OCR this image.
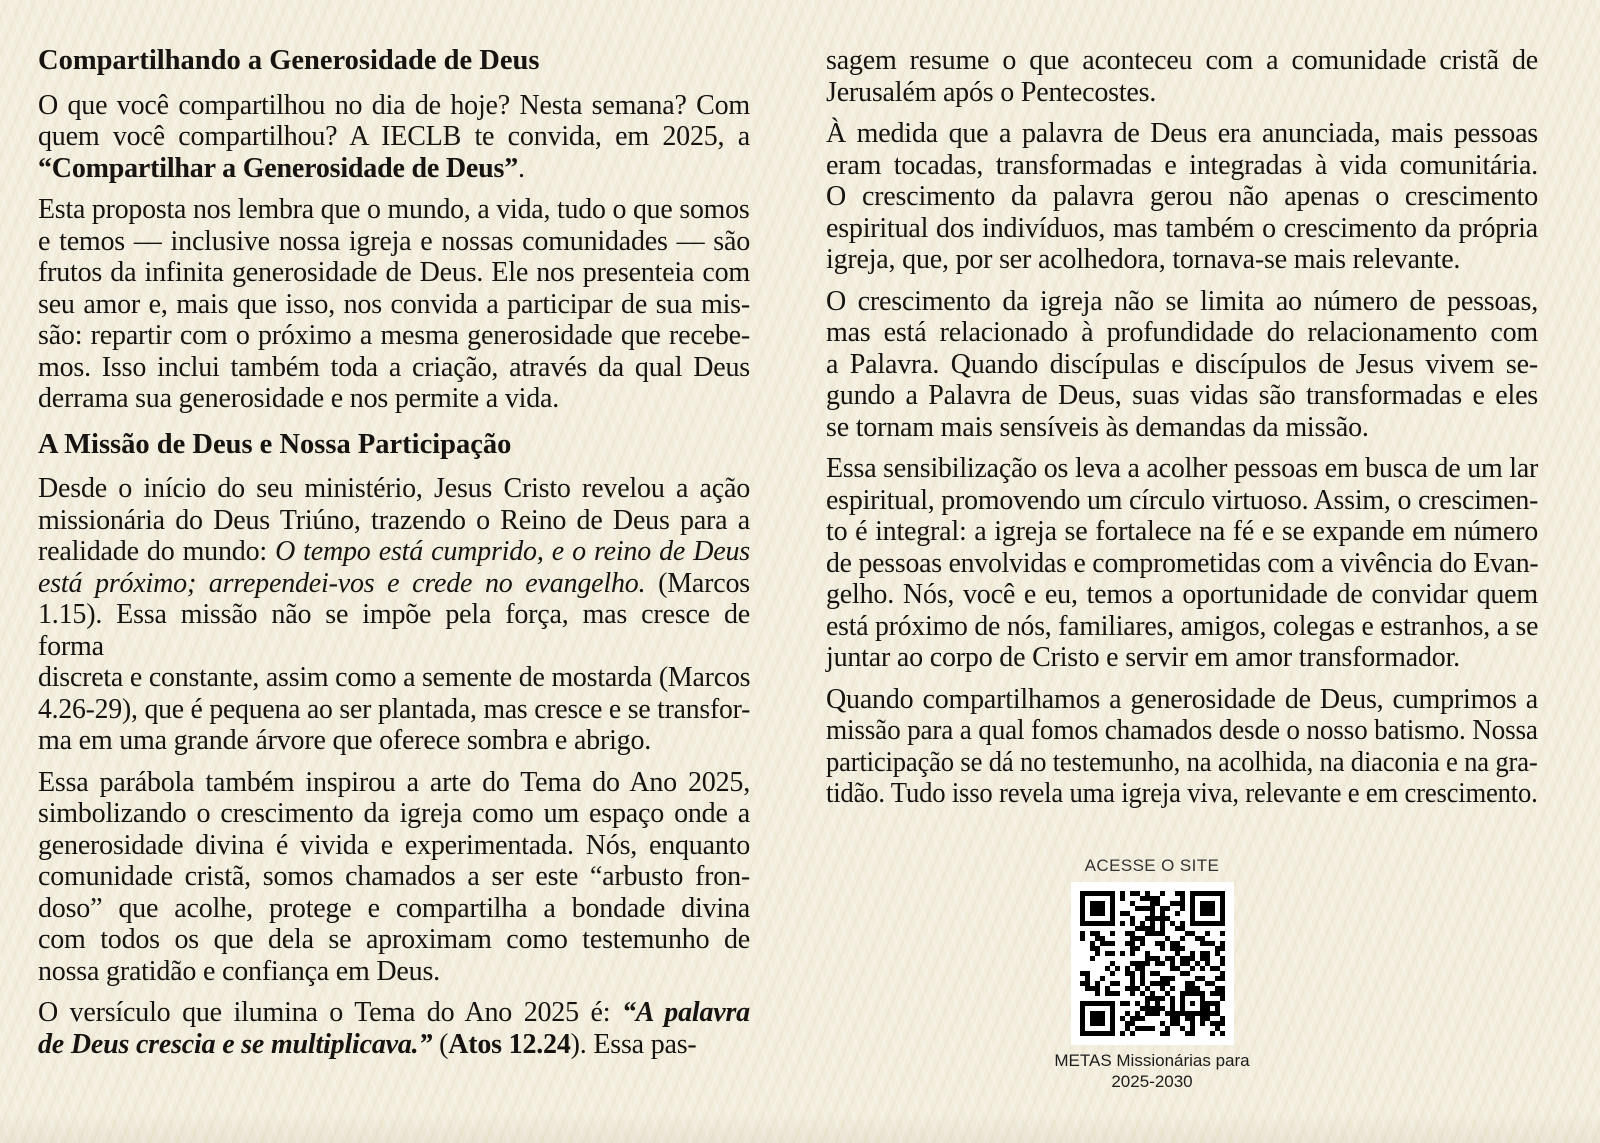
Compartilhando a Generosidade de Deus
O que você compartilhou no dia de hoje? Nesta semana? Com
quem você compartilhou? A IECLB te convida, em 2025, a
“Compartilhar a Generosidade de Deus”.
Esta proposta nos lembra que o mundo, a vida, tudo o que somos
e temos — inclusive nossa igreja e nossas comunidades — são
frutos da infinita generosidade de Deus. Ele nos presenteia com
seu amor e, mais que isso, nos convida a participar de sua mis-
são: repartir com o próximo a mesma generosidade que recebe-
mos. Isso inclui também toda a criação, através da qual Deus
derrama sua generosidade e nos permite a vida.
A Missão de Deus e Nossa Participação
Desde o início do seu ministério, Jesus Cristo revelou a ação
missionária do Deus Triúno, trazendo o Reino de Deus para a
realidade do mundo: O tempo está cumprido, e o reino de Deus
está próximo; arrependei-vos e crede no evangelho. (Marcos
1.15). Essa missão não se impõe pela força, mas cresce de forma
discreta e constante, assim como a semente de mostarda (Marcos
4.26-29), que é pequena ao ser plantada, mas cresce e se transfor-
ma em uma grande árvore que oferece sombra e abrigo.
Essa parábola também inspirou a arte do Tema do Ano 2025,
simbolizando o crescimento da igreja como um espaço onde a
generosidade divina é vivida e experimentada. Nós, enquanto
comunidade cristã, somos chamados a ser este “arbusto fron-
doso” que acolhe, protege e compartilha a bondade divina
com todos os que dela se aproximam como testemunho de
nossa gratidão e confiança em Deus.
O versículo que ilumina o Tema do Ano 2025 é: “A palavra
de Deus crescia e se multiplicava.” (Atos 12.24). Essa pas-
sagem resume o que aconteceu com a comunidade cristã de
Jerusalém após o Pentecostes.
À medida que a palavra de Deus era anunciada, mais pessoas
eram tocadas, transformadas e integradas à vida comunitária.
O crescimento da palavra gerou não apenas o crescimento
espiritual dos indivíduos, mas também o crescimento da própria
igreja, que, por ser acolhedora, tornava-se mais relevante.
O crescimento da igreja não se limita ao número de pessoas,
mas está relacionado à profundidade do relacionamento com
a Palavra. Quando discípulas e discípulos de Jesus vivem se-
gundo a Palavra de Deus, suas vidas são transformadas e eles
se tornam mais sensíveis às demandas da missão.
Essa sensibilização os leva a acolher pessoas em busca de um lar
espiritual, promovendo um círculo virtuoso. Assim, o crescimen-
to é integral: a igreja se fortalece na fé e se expande em número
de pessoas envolvidas e comprometidas com a vivência do Evan-
gelho. Nós, você e eu, temos a oportunidade de convidar quem
está próximo de nós, familiares, amigos, colegas e estranhos, a se
juntar ao corpo de Cristo e servir em amor transformador.
Quando compartilhamos a generosidade de Deus, cumprimos a
missão para a qual fomos chamados desde o nosso batismo. Nossa
participação se dá no testemunho, na acolhida, na diaconia e na gra-
tidão. Tudo isso revela uma igreja viva, relevante e em crescimento.
ACESSE O SITE
METAS Missionárias para
2025-2030
